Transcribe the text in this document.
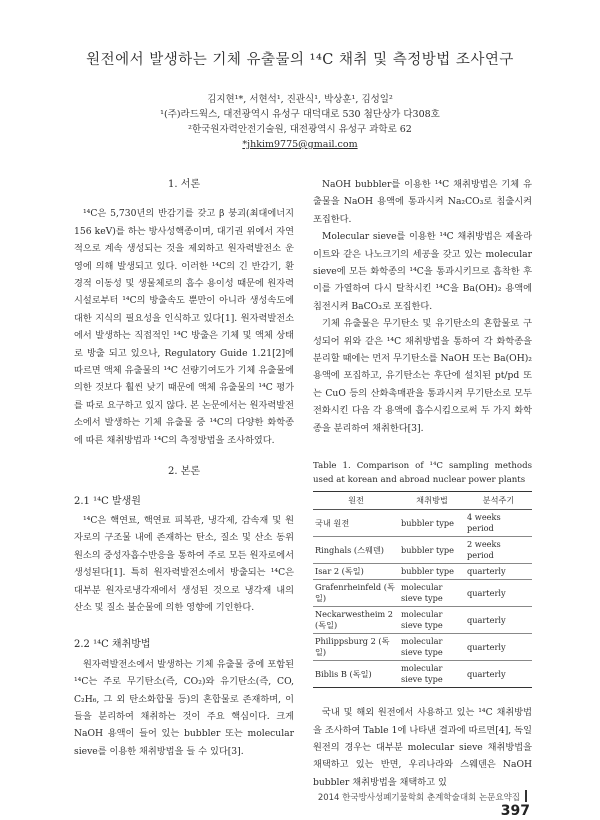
원전에서 발생하는 기체 유출물의 ¹⁴C 채취 및 측정방법 조사연구
김지현¹*, 서현석¹, 진관식¹, 박상훈¹, 김성일²
¹(주)라드웍스, 대전광역시 유성구 대덕대로 530 첨단상가 다308호
²한국원자력안전기술원, 대전광역시 유성구 과학로 62
*jhkim9775@gmail.com
1. 서론

¹⁴C은 5,730년의 반감기를 갖고 β 붕괴(최대에너지 156 keV)를 하는 방사성핵종이며, 대기권 위에서 자연적으로 계속 생성되는 것을 제외하고 원자력발전소 운영에 의해 발생되고 있다. 이러한 ¹⁴C의 긴 반감기, 환경적 이동성 및 생물체로의 흡수 용이성 때문에 원자력시설로부터 ¹⁴C의 방출속도 뿐만이 아니라 생성속도에 대한 지식의 필요성을 인식하고 있다[1]. 원자력발전소에서 발생하는 직접적인 ¹⁴C 방출은 기체 및 액체 상태로 방출 되고 있으나, Regulatory Guide 1.21[2]에 따르면 액체 유출물의 ¹⁴C 선량기여도가 기체 유출물에 의한 것보다 훨씬 낮기 때문에 액체 유출물의 ¹⁴C 평가를 따로 요구하고 있지 않다. 본 논문에서는 원자력발전소에서 발생하는 기체 유출물 중 ¹⁴C의 다양한 화학종에 따른 채취방법과 ¹⁴C의 측정방법을 조사하였다.

2. 본론
2.1 ¹⁴C 발생원

¹⁴C은 핵연료, 핵연료 피복관, 냉각제, 감속재 및 원자로의 구조물 내에 존재하는 탄소, 질소 및 산소 동위원소의 중성자흡수반응을 통하여 주로 모든 원자로에서 생성된다[1]. 특히 원자력발전소에서 방출되는 ¹⁴C은 대부분 원자로냉각재에서 생성된 것으로 냉각재 내의 산소 및 질소 불순물에 의한 영향에 기인한다.

2.2 ¹⁴C 채취방법

원자력발전소에서 발생하는 기체 유출물 중에 포함된 ¹⁴C는 주로 무기탄소(즉, CO₂)와 유기탄소(즉, CO, C₂H₆, 그 외 탄소화합물 등)의 혼합물로 존재하며, 이들을 분리하여 채취하는 것이 주요 핵심이다. 크게 NaOH 용액이 들어 있는 bubbler 또는 molecular sieve를 이용한 채취방법을 들 수 있다[3].

NaOH bubbler를 이용한 ¹⁴C 채취방법은 기체 유출물을 NaOH 용액에 통과시켜 Na₂CO₃로 침출시켜 포집한다.

Molecular sieve를 이용한 ¹⁴C 채취방법은 제올라이트와 같은 나노크기의 세공을 갖고 있는 molecular sieve에 모든 화학종의 ¹⁴C을 통과시키므로 흡착한 후 이를 가열하여 다시 탈착시킨 ¹⁴C을 Ba(OH)₂ 용액에 침전시켜 BaCO₃로 포집한다.

기체 유출물은 무기탄소 및 유기탄소의 혼합물로 구성되어 위와 같은 ¹⁴C 채취방법을 통하여 각 화학종을 분리할 때에는 먼저 무기탄소를 NaOH 또는 Ba(OH)₂ 용액에 포집하고, 유기탄소는 후단에 설치된 pt/pd 또는 CuO 등의 산화촉매관을 통과시켜 무기탄소로 모두 전화시킨 다음 각 용액에 흡수시킴으로써 두 가지 화학종을 분리하여 채취한다[3].

Table 1. Comparison of ¹⁴C sampling methods used at korean and abroad nuclear power plants
원전	채취방법	분석주기
국내 원전	bubbler type	4 weeks period
Ringhals (스웨덴)	bubbler type	2 weeks period
Isar 2 (독일)	bubbler type	quarterly
Grafenrheinfeld (독일)	molecular sieve type	quarterly
Neckarwestheim 2 (독일)	molecular sieve type	quarterly
Philippsburg 2 (독일)	molecular sieve type	quarterly
Biblis B (독일)	molecular sieve type	quarterly

국내 및 해외 원전에서 사용하고 있는 ¹⁴C 채취방법을 조사하여 Table 1에 나타낸 결과에 따르면[4], 독일 원전의 경우는 대부분 molecular sieve 채취방법을 채택하고 있는 반면, 우리나라와 스웨덴은 NaOH bubbler 채취방법을 채택하고 있

2014 한국방사성폐기물학회 춘계학술대회 논문요약집397
